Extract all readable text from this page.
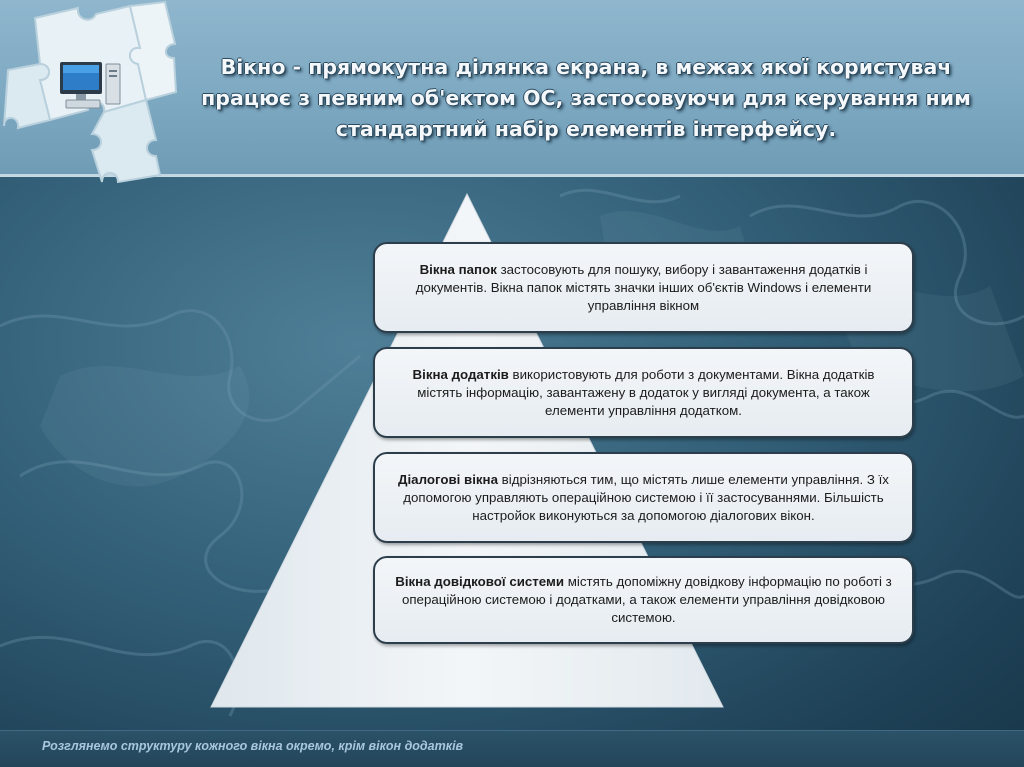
Вікно - прямокутна ділянка екрана, в межах якої користувач працює з певним об'ектом ОС, застосовуючи для керування ним стандартний набір елементів інтерфейсу.
Вікна папок застосовують для пошуку, вибору і завантаження додатків і документів. Вікна папок містять значки інших об'єктів Windows і елементи управління вікном
Вікна додатків використовують для роботи з документами. Вікна додатків містять інформацію, завантажену в додаток у вигляді документа, а також елементи управління додатком.
Діалогові вікна відрізняються тим, що містять лише елементи управління. З їх допомогою управляють операційною системою і її застосуваннями. Більшість настройок виконуються за допомогою діалогових вікон.
Вікна довідкової системи містять допоміжну довідкову інформацію по роботі з операційною системою і додатками, а також елементи управління довідковою системою.
Розглянемо структуру кожного вікна окремо, крім вікон додатків
